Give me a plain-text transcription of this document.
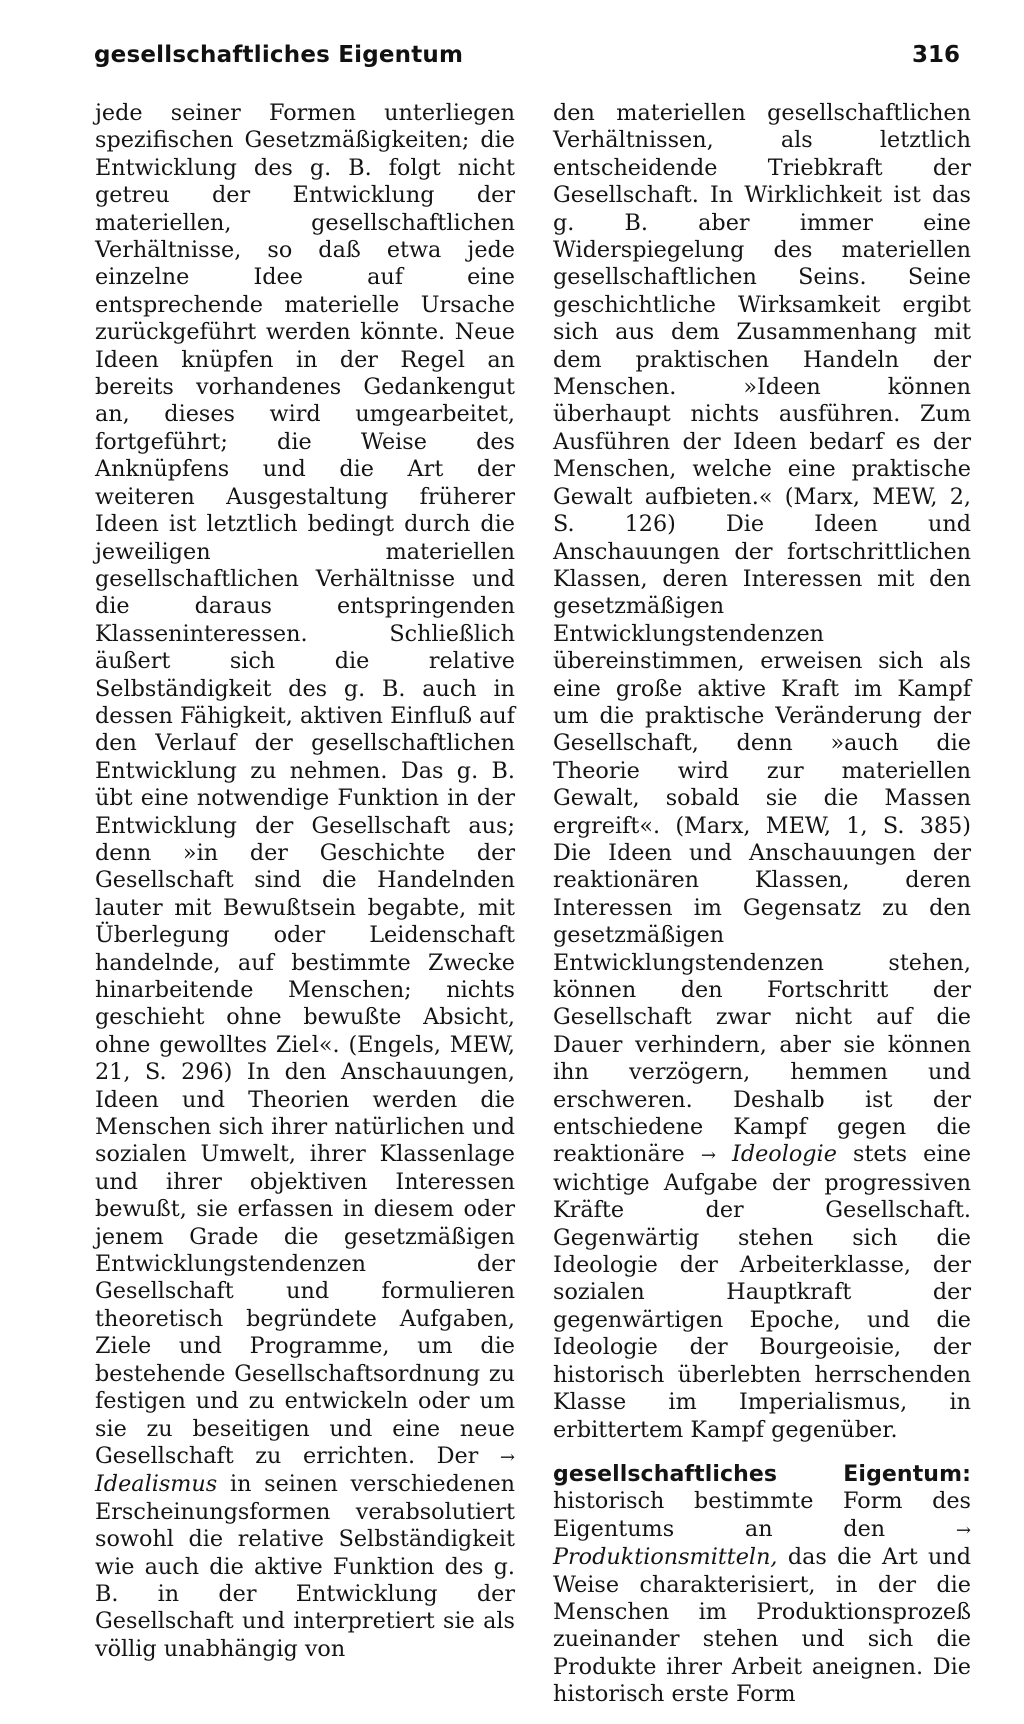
gesellschaftliches Eigentum	316

jede seiner Formen unterliegen spezifischen Gesetzmäßigkeiten; die Entwicklung des g. B. folgt nicht getreu der Entwicklung der materiellen, gesellschaftlichen Verhältnisse, so daß etwa jede einzelne Idee auf eine entsprechende materielle Ursache zurückgeführt werden könnte. Neue Ideen knüpfen in der Regel an bereits vorhandenes Gedankengut an, dieses wird umgearbeitet, fortgeführt; die Weise des Anknüpfens und die Art der weiteren Ausgestaltung früherer Ideen ist letztlich bedingt durch die jeweiligen materiellen gesellschaftlichen Verhältnisse und die daraus entspringenden Klasseninteressen. Schließlich äußert sich die relative Selbständigkeit des g. B. auch in dessen Fähigkeit, aktiven Einfluß auf den Verlauf der gesellschaftlichen Entwicklung zu nehmen. Das g. B. übt eine notwendige Funktion in der Entwicklung der Gesellschaft aus; denn »in der Geschichte der Gesellschaft sind die Handelnden lauter mit Bewußtsein begabte, mit Überlegung oder Leidenschaft handelnde, auf bestimmte Zwecke hinarbeitende Menschen; nichts geschieht ohne bewußte Absicht, ohne gewolltes Ziel«. (Engels, MEW, 21, S. 296) In den Anschauungen, Ideen und Theorien werden die Menschen sich ihrer natürlichen und sozialen Umwelt, ihrer Klassenlage und ihrer objektiven Interessen bewußt, sie erfassen in diesem oder jenem Grade die gesetzmäßigen Entwicklungstendenzen der Gesellschaft und formulieren theoretisch begründete Aufgaben, Ziele und Programme, um die bestehende Gesellschaftsordnung zu festigen und zu entwickeln oder um sie zu beseitigen und eine neue Gesellschaft zu errichten. Der → Idealismus in seinen verschiedenen Erscheinungsformen verabsolutiert sowohl die relative Selbständigkeit wie auch die aktive Funktion des g. B. in der Entwicklung der Gesellschaft und interpretiert sie als völlig unabhängig von

den materiellen gesellschaftlichen Verhältnissen, als letztlich entscheidende Triebkraft der Gesellschaft. In Wirklichkeit ist das g. B. aber immer eine Widerspiegelung des materiellen gesellschaftlichen Seins. Seine geschichtliche Wirksamkeit ergibt sich aus dem Zusammenhang mit dem praktischen Handeln der Menschen. »Ideen können überhaupt nichts ausführen. Zum Ausführen der Ideen bedarf es der Menschen, welche eine praktische Gewalt aufbieten.« (Marx, MEW, 2, S. 126) Die Ideen und Anschauungen der fortschrittlichen Klassen, deren Interessen mit den gesetzmäßigen Entwicklungstendenzen übereinstimmen, erweisen sich als eine große aktive Kraft im Kampf um die praktische Veränderung der Gesellschaft, denn »auch die Theorie wird zur materiellen Gewalt, sobald sie die Massen ergreift«. (Marx, MEW, 1, S. 385) Die Ideen und Anschauungen der reaktionären Klassen, deren Interessen im Gegensatz zu den gesetzmäßigen Entwicklungstendenzen stehen, können den Fortschritt der Gesellschaft zwar nicht auf die Dauer verhindern, aber sie können ihn verzögern, hemmen und erschweren. Deshalb ist der entschiedene Kampf gegen die reaktionäre → Ideologie stets eine wichtige Aufgabe der progressiven Kräfte der Gesellschaft. Gegenwärtig stehen sich die Ideologie der Arbeiterklasse, der sozialen Hauptkraft der gegenwärtigen Epoche, und die Ideologie der Bourgeoisie, der historisch überlebten herrschenden Klasse im Imperialismus, in erbittertem Kampf gegenüber.

gesellschaftliches Eigentum: historisch bestimmte Form des Eigentums an den	→ Produktionsmitteln, das die Art und Weise charakterisiert, in der die Menschen im Produktionsprozeß zueinander stehen und sich die Produkte ihrer Arbeit aneignen. Die historisch erste Form
